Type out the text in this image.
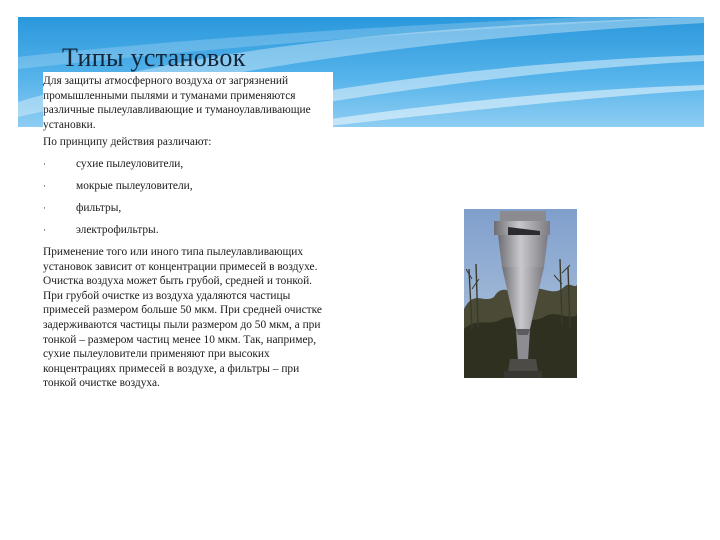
Типы установок

Для защиты атмосферного воздуха от загрязнений промышленными пылями и туманами применяются различные пылеулавливающие и туманоулавливающие установки.

По принципу действия различают:

·	сухие пылеуловители,
·	мокрые пылеуловители,
·	фильтры,
·	электрофильтры.

Применение того или иного типа пылеулавливающих установок зависит от концентрации примесей в воздухе. Очистка воздуха может быть грубой, средней и тонкой. При грубой очистке из воздуха удаляются частицы примесей размером больше 50 мкм. При средней очистке задерживаются частицы пыли размером до 50 мкм, а при тонкой – размером частиц менее 10 мкм. Так, например, сухие пылеуловители применяют при высоких концентрациях примесей в воздухе, а фильтры – при тонкой очистке воздуха.
